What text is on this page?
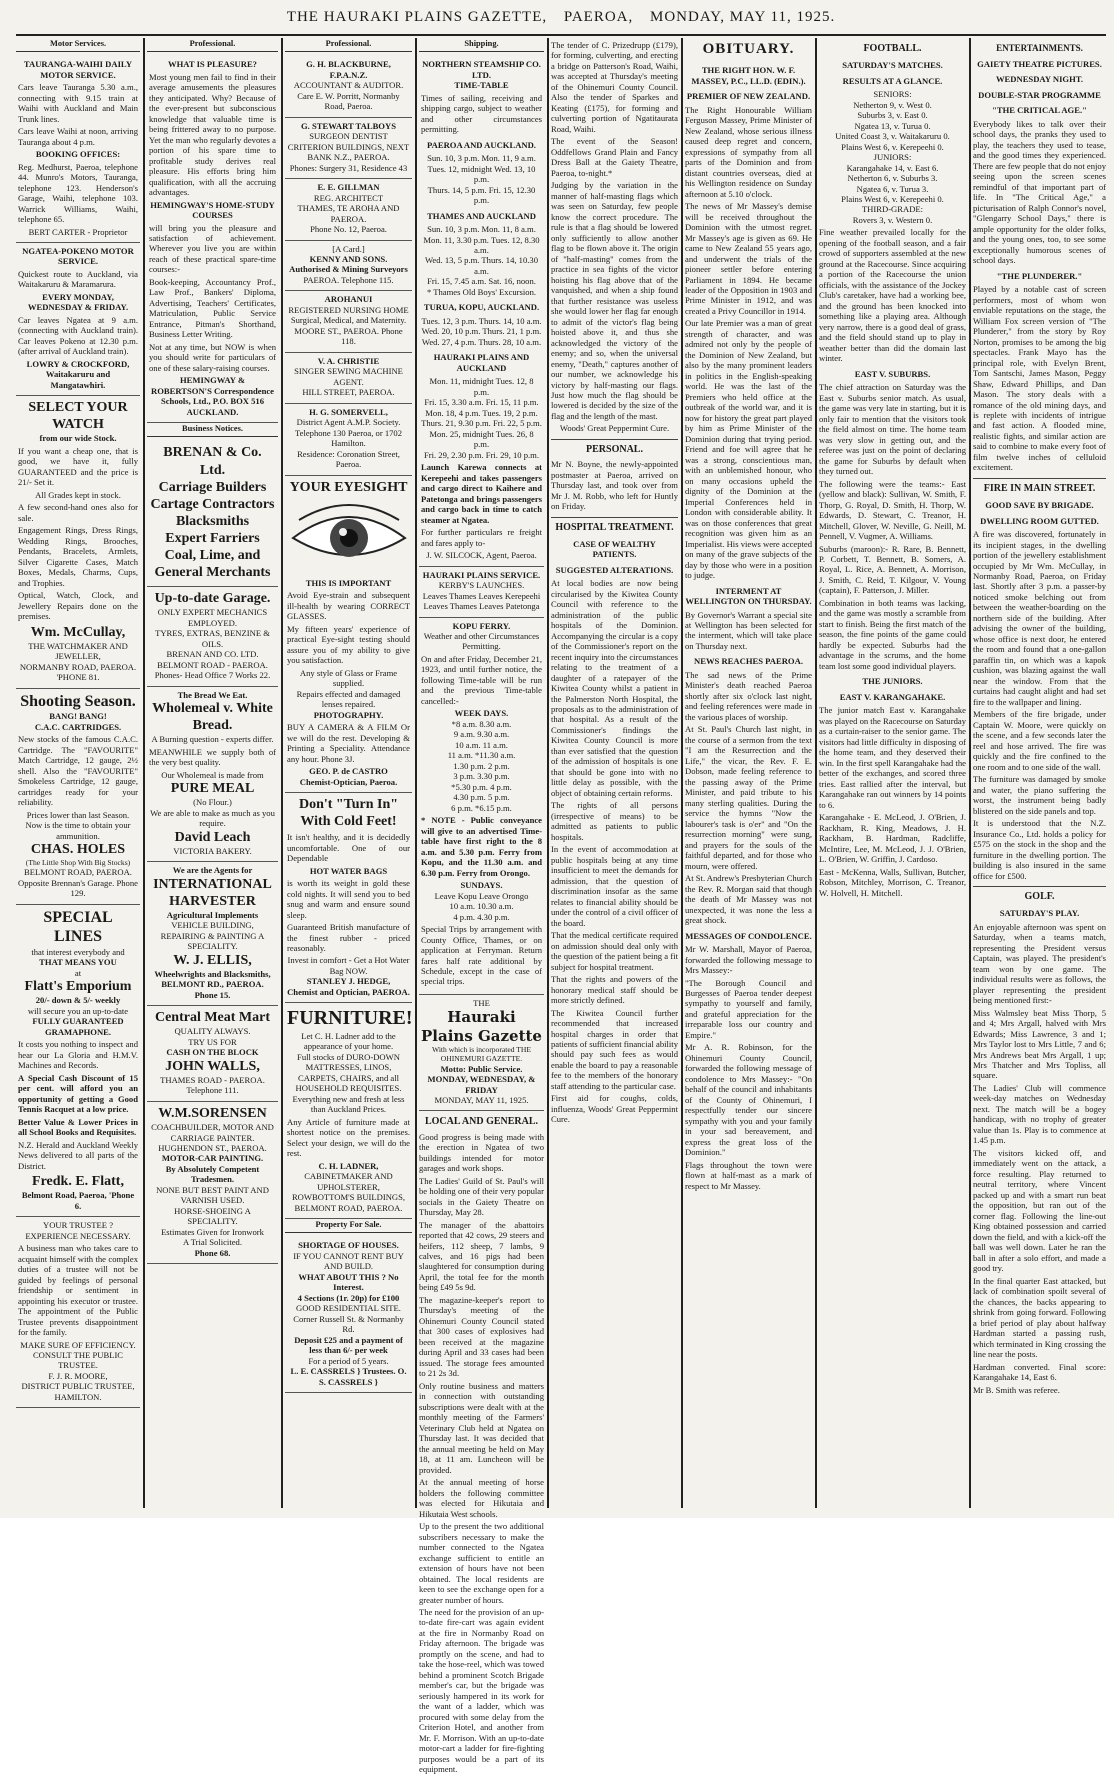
THE HAURAKI PLAINS GAZETTE, PAEROA, MONDAY, MAY 11, 1925.
Motor Services.
TAURANGA-WAIHI DAILY MOTOR SERVICE.
Cars leave Tauranga 5.30 a.m., connecting with 9.15 train at Waihi with Auckland and Main Trunk lines.
Cars leave Waihi at noon, arriving Tauranga about 4 p.m.
BOOKING OFFICES:
Reg. Medhurst, Paeroa, telephone 44. Munro's Motors, Tauranga, telephone 123. Henderson's Garage, Waihi, telephone 103. Warrick Williams, Waihi, telephone 65.
BERT CARTER - Proprietor
NGATEA-POKENO MOTOR SERVICE.
Quickest route to Auckland, via Waitakaruru & Maramarura.
EVERY MONDAY, WEDNESDAY & FRIDAY.
Car leaves Ngatea at 9 a.m. (connecting with Auckland train). Car leaves Pokeno at 12.30 p.m. (after arrival of Auckland train).
LOWRY & CROCKFORD, Waitakaruru and Mangatawhiri.
SELECT YOUR WATCH
from our wide Stock.
If you want a cheap one, that is good, we have it, fully GUARANTEED and the price is 21/- Set it.
All Grades kept in stock.
A few second-hand ones also for sale.
Engagement Rings, Dress Rings, Wedding Rings, Brooches, Pendants, Bracelets, Armlets, Silver Cigarette Cases, Match Boxes, Medals, Charms, Cups, and Trophies.
Optical, Watch, Clock, and Jewellery Repairs done on the premises.
Wm. McCullay,
THE WATCHMAKER AND JEWELLER,
NORMANBY ROAD, PAEROA. 'PHONE 81.
Shooting Season.
BANG! BANG!
C.A.C. CARTRIDGES.
New stocks of the famous C.A.C. Cartridge. The "FAVOURITE" Match Cartridge, 12 gauge, 2½ shell. Also the "FAVOURITE" Smokeless Cartridge, 12 gauge, cartridges ready for your reliability.
Prices lower than last Season.
Now is the time to obtain your ammunition.
CHAS. HOLES
(The Little Shop With Big Stocks)
BELMONT ROAD, PAEROA. Opposite Brennan's Garage. Phone 129.
SPECIAL LINES
that interest everybody and
THAT MEANS YOU
at
Flatt's Emporium
20/- down & 5/- weekly
will secure you an up-to-date
FULLY GUARANTEED GRAMAPHONE.
It costs you nothing to inspect and hear our La Gloria and H.M.V. Machines and Records.
A Special Cash Discount of 15 per cent. will afford you an opportunity of getting a Good Tennis Racquet at a low price.
Better Value & Lower Prices in all School Books and Requisites.
N.Z. Herald and Auckland Weekly News delivered to all parts of the District.
Fredk. E. Flatt,
Belmont Road, Paeroa, 'Phone 6.
YOUR TRUSTEE ?
EXPERIENCE NECESSARY.
A business man who takes care to acquaint himself with the complex duties of a trustee will not be guided by feelings of personal friendship or sentiment in appointing his executor or trustee. The appointment of the Public Trustee prevents disappointment for the family.
MAKE SURE OF EFFICIENCY.
CONSULT THE PUBLIC TRUSTEE.
F. J. R. MOORE,
DISTRICT PUBLIC TRUSTEE, HAMILTON.
Professional.
WHAT IS PLEASURE?
Most young men fail to find in their average amusements the pleasures they anticipated. Why? Because of the ever-present but subconscious knowledge that valuable time is being frittered away to no purpose. Yet the man who regularly devotes a portion of his spare time to profitable study derives real pleasure. His efforts bring him qualification, with all the accruing advantages.
HEMINGWAY'S HOME-STUDY COURSES
will bring you the pleasure and satisfaction of achievement. Wherever you live you are within reach of these practical spare-time courses:-
Book-keeping, Accountancy Prof., Law Prof., Bankers' Diploma, Advertising, Teachers' Certificates, Matriculation, Public Service Entrance, Pitman's Shorthand, Business Letter Writing.
Not at any time, but NOW is when you should write for particulars of one of these salary-raising courses.
HEMINGWAY & ROBERTSON'S Correspondence Schools, Ltd., P.O. BOX 516 AUCKLAND.
Business Notices.
BRENAN & Co. Ltd.
Carriage Builders
Cartage Contractors
Blacksmiths
Expert Farriers
Coal, Lime, and
General Merchants
Up-to-date Garage.
ONLY EXPERT MECHANICS EMPLOYED.
TYRES, EXTRAS, BENZINE & OILS.
BRENAN AND CO. LTD. BELMONT ROAD - PAEROA.
Phones- Head Office 7 Works 22.
The Bread We Eat.
Wholemeal v. White Bread.
A Burning question - experts differ.
MEANWHILE we supply both of the very best quality.
Our Wholemeal is made from
PURE MEAL
(No Flour.)
We are able to make as much as you require.
David Leach
VICTORIA BAKERY.
We are the Agents for
INTERNATIONAL HARVESTER
Agricultural Implements
VEHICLE BUILDING, REPAIRING & PAINTING A SPECIALITY.
W. J. ELLIS,
Wheelwrights and Blacksmiths,
BELMONT RD., PAEROA. Phone 15.
Central Meat Mart
QUALITY ALWAYS.
TRY US FOR
CASH ON THE BLOCK
JOHN WALLS,
THAMES ROAD - PAEROA. Telephone 111.
W.M.SORENSEN
COACHBUILDER, MOTOR AND CARRIAGE PAINTER.
HUGHENDON ST., PAEROA.
MOTOR-CAR PAINTING.
By Absolutely Competent Tradesmen.
NONE BUT BEST PAINT AND VARNISH USED.
HORSE-SHOEING A SPECIALITY.
Estimates Given for Ironwork
A Trial Solicited.
Phone 68.
Professional.
G. H. BLACKBURNE, F.P.A.N.Z.
ACCOUNTANT & AUDITOR.
Care E. W. Porritt, Normanby Road, Paeroa.
G. STEWART TALBOYS
SURGEON DENTIST
CRITERION BUILDINGS, NEXT BANK N.Z., PAEROA.
Phones: Surgery 31, Residence 43
E. E. GILLMAN
REG. ARCHITECT
THAMES, TE AROHA AND PAEROA.
Phone No. 12, Paeroa.
[A Card.]
KENNY AND SONS.
Authorised & Mining Surveyors
PAEROA. Telephone 115.
AROHANUI
REGISTERED NURSING HOME
Surgical, Medical, and Maternity.
MOORE ST., PAEROA. Phone 118.
V. A. CHRISTIE
SINGER SEWING MACHINE AGENT.
HILL STREET, PAEROA.
H. G. SOMERVELL,
District Agent A.M.P. Society. Telephone 130 Paeroa, or 1702 Hamilton.
Residence: Coronation Street, Paeroa.
YOUR EYESIGHT
THIS IS IMPORTANT
Avoid Eye-strain and subsequent ill-health by wearing CORRECT GLASSES.
My fifteen years' experience of practical Eye-sight testing should assure you of my ability to give you satisfaction.
Any style of Glass or Frame supplied.
Repairs effected and damaged lenses repaired.
PHOTOGRAPHY.
BUY A CAMERA & A FILM Or we will do the rest. Developing & Printing a Speciality. Attendance any hour. Phone 3J.
GEO. P. de CASTRO
Chemist-Optician, Paeroa.
Don't "Turn In" With Cold Feet!
It isn't healthy, and it is decidedly uncomfortable. One of our Dependable
HOT WATER BAGS
is worth its weight in gold these cold nights. It will send you to bed snug and warm and ensure sound sleep.
Guaranteed British manufacture of the finest rubber - priced reasonably.
Invest in comfort - Get a Hot Water Bag NOW.
STANLEY J. HEDGE,
Chemist and Optician, PAEROA.
FURNITURE!
Let C. H. Ladner add to the appearance of your home.
Full stocks of DURO-DOWN MATTRESSES, LINOS, CARPETS, CHAIRS, and all HOUSEHOLD REQUISITES.
Everything new and fresh at less than Auckland Prices.
Any Article of furniture made at shortest notice on the premises. Select your design, we will do the rest.
C. H. LADNER,
CABINETMAKER AND UPHOLSTERER,
ROWBOTTOM'S BUILDINGS, BELMONT ROAD, PAEROA.
Property For Sale.
SHORTAGE OF HOUSES.
IF YOU CANNOT RENT BUY AND BUILD.
WHAT ABOUT THIS ? No Interest.
4 Sections (1r. 20p) for £100
GOOD RESIDENTIAL SITE.
Corner Russell St. & Normanby Rd.
Deposit £25 and a payment of less than 6/- per week
For a period of 5 years.
L. E. CASSRELS } Trustees. O. S. CASSRELS }
Shipping.
NORTHERN STEAMSHIP CO. LTD.
TIME-TABLE
Times of sailing, receiving and shipping cargo, subject to weather and other circumstances permitting.
PAEROA AND AUCKLAND.
Sun. 10, 3 p.m. Mon. 11, 9 a.m.
Tues. 12, midnight Wed. 13, 10 p.m.
Thurs. 14, 5 p.m. Fri. 15, 12.30 p.m.
THAMES AND AUCKLAND
Sun. 10, 3 p.m. Mon. 11, 8 a.m.
Mon. 11, 3.30 p.m. Tues. 12, 8.30 a.m.
Wed. 13, 5 p.m. Thurs. 14, 10.30 a.m.
Fri. 15, 7.45 a.m. Sat. 16, noon.
* Thames Old Boys' Excursion.
TURUA, KOPU, AUCKLAND.
Tues. 12, 3 p.m. Thurs. 14, 10 a.m.
Wed. 20, 10 p.m. Thurs. 21, 1 p.m.
Wed. 27, 4 p.m. Thurs. 28, 10 a.m.
HAURAKI PLAINS AND AUCKLAND
Mon. 11, midnight Tues. 12, 8 p.m.
Fri. 15, 3.30 a.m. Fri. 15, 11 p.m.
Mon. 18, 4 p.m. Tues. 19, 2 p.m.
Thurs. 21, 9.30 p.m. Fri. 22, 5 p.m.
Mon. 25, midnight Tues. 26, 8 p.m.
Fri. 29, 2.30 p.m. Fri. 29, 10 p.m.
Launch Karewa connects at Kerepeehi and takes passengers and cargo direct to Kaihere and Patetonga and brings passengers and cargo back in time to catch steamer at Ngatea.
For further particulars re freight and fares apply to-
J. W. SILCOCK, Agent, Paeroa.
HAURAKI PLAINS SERVICE.
KERBY'S LAUNCHES.
Leaves Thames Leaves Kerepeehi
Leaves Thames Leaves Patetonga
KOPU FERRY.
Weather and other Circumstances Permitting.
On and after Friday, December 21, 1923, and until further notice, the following Time-table will be run and the previous Time-table cancelled:-
WEEK DAYS.
*8 a.m. 8.30 a.m.
9 a.m. 9.30 a.m.
10 a.m. 11 a.m.
11 a.m. *11.30 a.m.
1.30 p.m. 2 p.m.
3 p.m. 3.30 p.m.
*5.30 p.m. 4 p.m.
4.30 p.m. 5 p.m.
6 p.m. *6.15 p.m.
* NOTE - Public conveyance will give to an advertised Time-table have first right to the 8 a.m. and 5.30 p.m. Ferry from Kopu, and the 11.30 a.m. and 6.30 p.m. Ferry from Orongo.
SUNDAYS.
Leave Kopu Leave Orongo
10 a.m. 10.30 a.m.
4 p.m. 4.30 p.m.
Special Trips by arrangement with County Office, Thames, or on application at Ferryman. Return fares half rate additional by Schedule, except in the case of special trips.
THE
Hauraki Plains Gazette
With which is incorporated THE OHINEMURI GAZETTE.
Motto: Public Service.
MONDAY, WEDNESDAY, & FRIDAY
MONDAY, MAY 11, 1925.
LOCAL AND GENERAL.
Good progress is being made with the erection in Ngatea of two buildings intended for motor garages and work shops.
The Ladies' Guild of St. Paul's will be holding one of their very popular socials in the Gaiety Theatre on Thursday, May 28.
The manager of the abattoirs reported that 42 cows, 29 steers and heifers, 112 sheep, 7 lambs, 9 calves, and 16 pigs had been slaughtered for consumption during April, the total fee for the month being £49 5s 9d.
The magazine-keeper's report to Thursday's meeting of the Ohinemuri County Council stated that 300 cases of explosives had been received at the magazine during April and 33 cases had been issued. The storage fees amounted to 21 2s 3d.
Only routine business and matters in connection with outstanding subscriptions were dealt with at the monthly meeting of the Farmers' Veterinary Club held at Ngatea on Thursday last. It was decided that the annual meeting be held on May 18, at 11 am. Luncheon will be provided.
At the annual meeting of horse holders the following committee was elected for Hikutaia and Hikutaia West schools.
Up to the present the two additional subscribers necessary to make the number connected to the Ngatea exchange sufficient to entitle an extension of hours have not been obtained. The local residents are keen to see the exchange open for a greater number of hours.
The need for the provision of an up-to-date fire-cart was again evident at the fire in Normanby Road on Friday afternoon. The brigade was promptly on the scene, and had to take the hose-reel, which was towed behind a prominent Scotch Brigade member's car, but the brigade was seriously hampered in its work for the want of a ladder, which was procured with some delay from the Criterion Hotel, and another from Mr. F. Morrison. With an up-to-date motor-cart a ladder for fire-fighting purposes would be a part of its equipment.
The tender of C. Prizedrupp (£179), for forming, culverting, and erecting a bridge on Patterson's Road, Waihi, was accepted at Thursday's meeting of the Ohinemuri County Council. Also the tender of Sparkes and Keating (£175), for forming and culverting portion of Ngatitaurata Road, Waihi.
The event of the Season! Oddfellows Grand Plain and Fancy Dress Ball at the Gaiety Theatre, Paeroa, to-night.*
Judging by the variation in the manner of half-masting flags which was seen on Saturday, few people know the correct procedure. The rule is that a flag should be lowered only sufficiently to allow another flag to be flown above it. The origin of "half-masting" comes from the practice in sea fights of the victor hoisting his flag above that of the vanquished, and when a ship found that further resistance was useless she would lower her flag far enough to admit of the victor's flag being hoisted above it, and thus she acknowledged the victory of the enemy; and so, when the universal enemy, "Death," captures another of our number, we acknowledge his victory by half-masting our flags. Just how much the flag should be lowered is decided by the size of the flag and the length of the mast.
Woods' Great Peppermint Cure.
PERSONAL.
Mr N. Boyne, the newly-appointed postmaster at Paeroa, arrived on Thursday last, and took over from Mr J. M. Robb, who left for Huntly on Friday.
HOSPITAL TREATMENT.
CASE OF WEALTHY PATIENTS.
SUGGESTED ALTERATIONS.
At local bodies are now being circularised by the Kiwitea County Council with reference to the administration of the public hospitals of the Dominion. Accompanying the circular is a copy of the Commissioner's report on the recent inquiry into the circumstances relating to the treatment of a daughter of a ratepayer of the Kiwitea County whilst a patient in the Palmerston North Hospital, the proposals as to the administration of that hospital. As a result of the Commissioner's findings the Kiwitea County Council is more than ever satisfied that the question of the admission of hospitals is one that should be gone into with no little delay as possible, with the object of obtaining certain reforms.
The rights of all persons (irrespective of means) to be admitted as patients to public hospitals.
In the event of accommodation at public hospitals being at any time insufficient to meet the demands for admission, that the question of discrimination insofar as the same relates to financial ability should be under the control of a civil officer of the board.
That the medical certificate required on admission should deal only with the question of the patient being a fit subject for hospital treatment.
That the rights and powers of the honorary medical staff should be more strictly defined.
The Kiwitea Council further recommended that increased hospital charges in order that patients of sufficient financial ability should pay such fees as would enable the board to pay a reasonable fee to the members of the honorary staff attending to the particular case.
First aid for coughs, colds, influenza, Woods' Great Peppermint Cure.
OBITUARY.
THE RIGHT HON. W. F. MASSEY, P.C., LL.D. (EDIN.).
PREMIER OF NEW ZEALAND.
The Right Honourable William Ferguson Massey, Prime Minister of New Zealand, whose serious illness caused deep regret and concern, expressions of sympathy from all parts of the Dominion and from distant countries overseas, died at his Wellington residence on Sunday afternoon at 5.10 o'clock.
The news of Mr Massey's demise will be received throughout the Dominion with the utmost regret. Mr Massey's age is given as 69. He came to New Zealand 55 years ago, and underwent the trials of the pioneer settler before entering Parliament in 1894. He became leader of the Opposition in 1903 and Prime Minister in 1912, and was created a Privy Councillor in 1914.
Our late Premier was a man of great strength of character, and was admired not only by the people of the Dominion of New Zealand, but also by the many prominent leaders in politics in the English-speaking world. He was the last of the Premiers who held office at the outbreak of the world war, and it is now for history the great part played by him as Prime Minister of the Dominion during that trying period. Friend and foe will agree that he was a strong, conscientious man, with an unblemished honour, who on many occasions upheld the dignity of the Dominion at the Imperial Conferences held in London with considerable ability. It was on those conferences that great recognition was given him as an Imperialist. His views were accepted on many of the grave subjects of the day by those who were in a position to judge.
INTERMENT AT WELLINGTON ON THURSDAY.
By Governor's Warrant a special site at Wellington has been selected for the interment, which will take place on Thursday next.
NEWS REACHES PAEROA.
The sad news of the Prime Minister's death reached Paeroa shortly after six o'clock last night, and feeling references were made in the various places of worship.
At St. Paul's Church last night, in the course of a sermon from the text "I am the Resurrection and the Life," the vicar, the Rev. F. E. Dobson, made feeling reference to the passing away of the Prime Minister, and paid tribute to his many sterling qualities. During the service the hymns "Now the labourer's task is o'er" and "On the resurrection morning" were sung, and prayers for the souls of the faithful departed, and for those who mourn, were offered.
At St. Andrew's Presbyterian Church the Rev. R. Morgan said that though the death of Mr Massey was not unexpected, it was none the less a great shock.
MESSAGES OF CONDOLENCE.
Mr W. Marshall, Mayor of Paeroa, forwarded the following message to Mrs Massey:-
"The Borough Council and Burgesses of Paeroa tender deepest sympathy to yourself and family, and grateful appreciation for the irreparable loss our country and Empire."
Mr A. R. Robinson, for the Ohinemuri County Council, forwarded the following message of condolence to Mrs Massey:- "On behalf of the council and inhabitants of the County of Ohinemuri, I respectfully tender our sincere sympathy with you and your family in your sad bereavement, and express the great loss of the Dominion."
Flags throughout the town were flown at half-mast as a mark of respect to Mr Massey.
FOOTBALL.
SATURDAY'S MATCHES.
RESULTS AT A GLANCE.
SENIORS:
Netherton 9, v. West 0.
Suburbs 3, v. East 0.
Ngatea 13, v. Turua 0.
United Coast 3, v. Waitakaruru 0.
Plains West 6, v. Kerepeehi 0.
JUNIORS:
Karangahake 14, v. East 6.
Netherton 6, v. Suburbs 3.
Ngatea 6, v. Turua 3.
Plains West 6, v. Kerepeehi 0.
THIRD-GRADE:
Rovers 3, v. Western 0.
Fine weather prevailed locally for the opening of the football season, and a fair crowd of supporters assembled at the new ground at the Racecourse. Since acquiring a portion of the Racecourse the union officials, with the assistance of the Jockey Club's caretaker, have had a working bee, and the ground has been knocked into something like a playing area. Although very narrow, there is a good deal of grass, and the field should stand up to play in weather better than did the domain last winter.
EAST V. SUBURBS.
The chief attraction on Saturday was the East v. Suburbs senior match. As usual, the game was very late in starting, but it is only fair to mention that the visitors took the field almost on time. The home team was very slow in getting out, and the referee was just on the point of declaring the game for Suburbs by default when they turned out.
The following were the teams:- East (yellow and black): Sullivan, W. Smith, F. Thorp, G. Royal, D. Smith, H. Thorp, W. Edwards, D. Stewart, C. Treanor, H. Mitchell, Glover, W. Neville, G. Neill, M. Pennell, V. Vugmer, A. Williams.
Suburbs (maroon):- R. Rare, B. Bennett, P. Corbett, T. Bennett, B. Somers, A. Royal, L. Rice, A. Bennett, A. Morrison, J. Smith, C. Reid, T. Kilgour, V. Young (captain), F. Patterson, J. Miller.
Combination in both teams was lacking, and the game was mostly a scramble from start to finish. Being the first match of the season, the fine points of the game could hardly be expected. Suburbs had the advantage in the scrums, and the home team lost some good individual players.
THE JUNIORS.
EAST V. KARANGAHAKE.
The junior match East v. Karangahake was played on the Racecourse on Saturday as a curtain-raiser to the senior game. The visitors had little difficulty in disposing of the home team, and they deserved their win. In the first spell Karangahake had the better of the exchanges, and scored three tries. East rallied after the interval, but Karangahake ran out winners by 14 points to 6.
Karangahake - E. McLeod, J. O'Brien, J. Rackham, R. King, Meadows, J. H. Rackham, B. Hardman, Radcliffe, McIntire, Lee, M. McLeod, J. J. O'Brien, L. O'Brien, W. Griffin, J. Cardoso.
East - McKenna, Walls, Sullivan, Butcher, Robson, Mitchley, Morrison, C. Treanor, W. Holvell, H. Mitchell.
ENTERTAINMENTS.
GAIETY THEATRE PICTURES.
WEDNESDAY NIGHT.
DOUBLE-STAR PROGRAMME
"THE CRITICAL AGE."
Everybody likes to talk over their school days, the pranks they used to play, the teachers they used to tease, and the good times they experienced. There are few people that do not enjoy seeing upon the screen scenes remindful of that important part of life. In "The Critical Age," a picturisation of Ralph Connor's novel, "Glengarry School Days," there is ample opportunity for the older folks, and the young ones, too, to see some exceptionally humorous scenes of school days.
"THE PLUNDERER."
Played by a notable cast of screen performers, most of whom won enviable reputations on the stage, the William Fox screen version of "The Plunderer," from the story by Roy Norton, promises to be among the big spectacles. Frank Mayo has the principal role, with Evelyn Brent, Tom Santschi, James Mason, Peggy Shaw, Edward Phillips, and Dan Mason. The story deals with a romance of the old mining days, and is replete with incidents of intrigue and fast action. A flooded mine, realistic fights, and similar action are said to combine to make every foot of film twelve inches of celluloid excitement.
FIRE IN MAIN STREET.
GOOD SAVE BY BRIGADE.
DWELLING ROOM GUTTED.
A fire was discovered, fortunately in its incipient stages, in the dwelling portion of the jewellery establishment occupied by Mr Wm. McCullay, in Normanby Road, Paeroa, on Friday last. Shortly after 3 p.m. a passer-by noticed smoke belching out from between the weather-boarding on the northern side of the building. After advising the owner of the building, whose office is next door, he entered the room and found that a one-gallon paraffin tin, on which was a kapok cushion, was blazing against the wall near the window. From that the curtains had caught alight and had set fire to the wallpaper and lining.
Members of the fire brigade, under Captain W. Moore, were quickly on the scene, and a few seconds later the reel and hose arrived. The fire was quickly and the fire confined to the one room and to one side of the wall.
The furniture was damaged by smoke and water, the piano suffering the worst, the instrument being badly blistered on the side panels and top.
It is understood that the N.Z. Insurance Co., Ltd. holds a policy for £575 on the stock in the shop and the furniture in the dwelling portion. The building is also insured in the same office for £500.
GOLF.
SATURDAY'S PLAY.
An enjoyable afternoon was spent on Saturday, when a teams match, representing the President versus Captain, was played. The president's team won by one game. The individual results were as follows, the player representing the president being mentioned first:-
Miss Walmsley beat Miss Thorp, 5 and 4; Mrs Argall, halved with Mrs Edwards; Miss Lawrence, 3 and 1; Mrs Taylor lost to Mrs Little, 7 and 6; Mrs Andrews beat Mrs Argall, 1 up; Mrs Thatcher and Mrs Topliss, all square.
The Ladies' Club will commence week-day matches on Wednesday next. The match will be a bogey handicap, with no trophy of greater value than 1s. Play is to commence at 1.45 p.m.
The visitors kicked off, and immediately went on the attack, a force resulting. Play returned to neutral territory, where Vincent packed up and with a smart run beat the opposition, but ran out of the corner flag. Following the line-out King obtained possession and carried down the field, and with a kick-off the ball was well down. Later he ran the ball in after a solo effort, and made a good try.
In the final quarter East attacked, but lack of combination spoilt several of the chances, the backs appearing to shrink from going forward. Following a brief period of play about halfway Hardman started a passing rush, which terminated in King crossing the line near the posts.
Hardman converted. Final score: Karangahake 14, East 6.
Mr B. Smith was referee.
